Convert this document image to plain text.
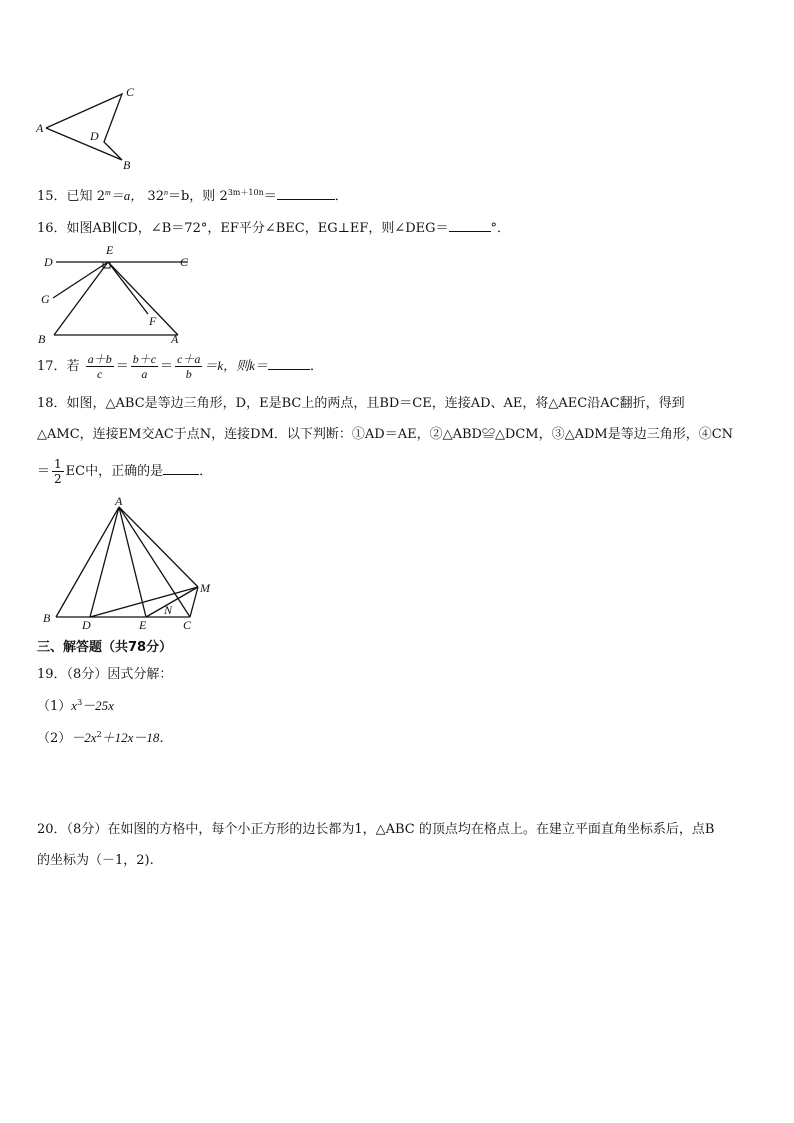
A
C
D
B
15．已知 $2^m=a$， $32^n=b$，则 $2^{3m+10n}=$	．
16．如图AB∥CD，∠B＝72°，EF平分∠BEC，EG⊥EF，则∠DEG＝	°．
D
E
C
G
F
B	A
17．若 $\frac{a+b}{c} = \frac{b+c}{a} = \frac{c+a}{b} =k$，则k＝	．
18．如图，△ABC是等边三角形，D，E是BC上的两点，且BD＝CE，连接AD、AE，将△AEC沿AC翻折，得到
△AMC，连接EM交AC于点N，连接DM．以下判断：①AD＝AE，②△ABD≌△DCM，③△ADM是等边三角形，④CN
＝ $\frac{1}{2}$ EC中，正确的是	．
A
B	D	E	C
M
N
三、解答题（共78分）
19．（8分）因式分解：
$(1)x^3-25x$
$(2)-2x^2+12x-18$．
20．（8分）在如图的方格中，每个小正方形的边长都为1，△ABC 的顶点均在格点上。在建立平面直角坐标系后，点B
的坐标为（－1，2).
